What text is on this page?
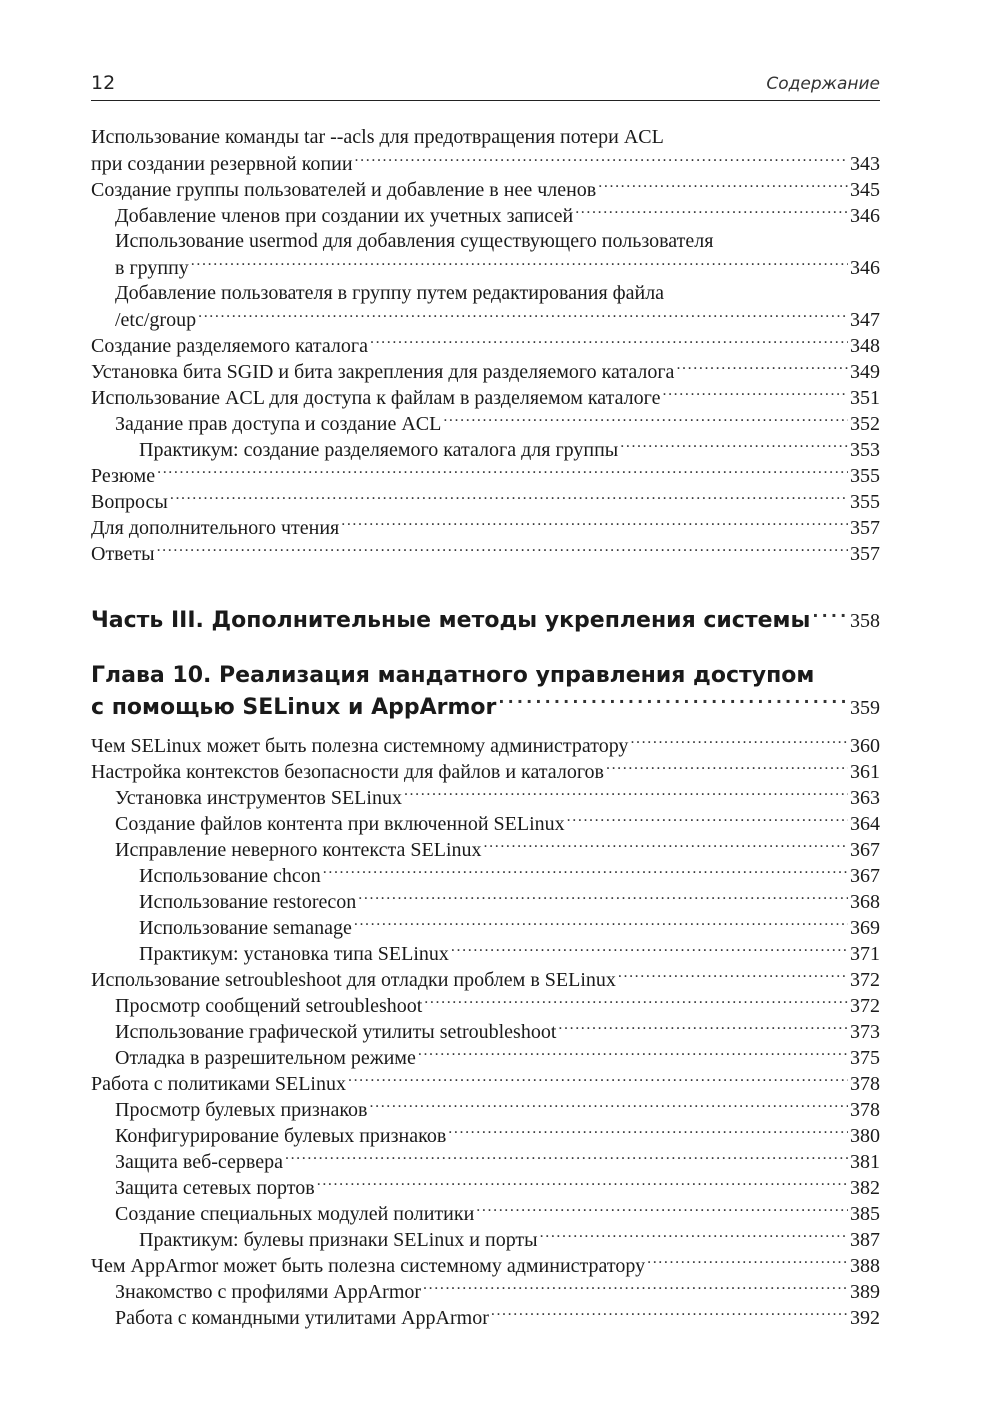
12	Содержание
Использование команды tar --acls для предотвращения потери ACL
при создании резервной копии . . .	343
Создание группы пользователей и добавление в нее членов . . .	345
Добавление членов при создании их учетных записей . . .	346
Использование usermod для добавления существующего пользователя
в группу . . .	346
Добавление пользователя в группу путем редактирования файла
/etc/group . . .	347
Создание разделяемого каталога . . .	348
Установка бита SGID и бита закрепления для разделяемого каталога . . .	349
Использование ACL для доступа к файлам в разделяемом каталоге . . .	351
Задание прав доступа и создание ACL . . .	352
Практикум: создание разделяемого каталога для группы . . .	353
Резюме . . .	355
Вопросы . . .	355
Для дополнительного чтения . . .	357
Ответы . . .	357
Часть III. Дополнительные методы укрепления системы . . . 358
Глава 10. Реализация мандатного управления доступом
с помощью SELinux и AppArmor . . .	359
Чем SELinux может быть полезна системному администратору . . .	360
Настройка контекстов безопасности для файлов и каталогов . . .	361
Установка инструментов SELinux . . .	363
Создание файлов контента при включенной SELinux . . .	364
Исправление неверного контекста SELinux . . .	367
Использование chcon . . .	367
Использование restorecon . . .	368
Использование semanage . . .	369
Практикум: установка типа SELinux . . .	371
Использование setroubleshoot для отладки проблем в SELinux . . .	372
Просмотр сообщений setroubleshoot . . .	372
Использование графической утилиты setroubleshoot . . .	373
Отладка в разрешительном режиме . . .	375
Работа с политиками SELinux . . .	378
Просмотр булевых признаков . . .	378
Конфигурирование булевых признаков . . .	380
Защита веб-сервера . . .	381
Защита сетевых портов . . .	382
Создание специальных модулей политики . . .	385
Практикум: булевы признаки SELinux и порты . . .	387
Чем AppArmor может быть полезна системному администратору . . .	388
Знакомство с профилями AppArmor . . .	389
Работа с командными утилитами AppArmor . . .	392
